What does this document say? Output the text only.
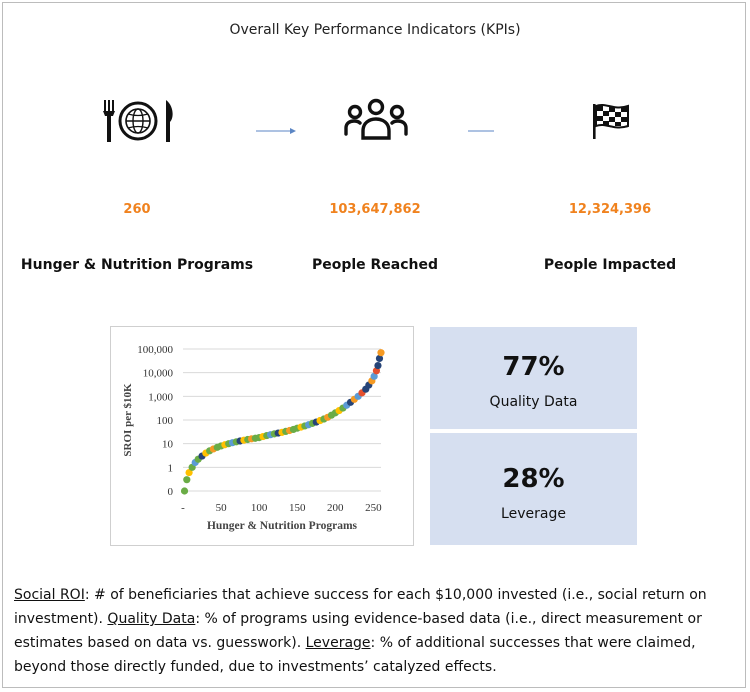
Overall Key Performance Indicators (KPIs)
260	103,647,862	12,324,396
Hunger & Nutrition Programs	People Reached	People Impacted
0
1
10
100
1,000
10,000
100,000
-	50 100 150 200 250
Hunger & Nutrition Programs
SROI per $10K
77%
Quality Data
28%
Leverage
Social ROI: # of beneficiaries that achieve success for each $10,000 invested (i.e., social return on investment). Quality Data: % of programs using evidence-based data (i.e., direct measurement or estimates based on data vs. guesswork). Leverage: % of additional successes that were claimed, beyond those directly funded, due to investments’ catalyzed effects.
